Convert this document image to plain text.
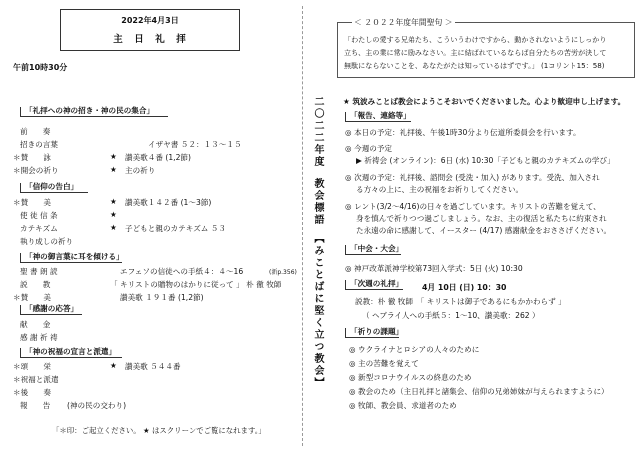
2022年4月3日
主　日　礼　拝
午前10時30分
「礼拝への神の招き・神の民の集合」
前　　奏
招きの言葉	イザヤ書 ５２：１３〜１５
＊賛　　詠	★ 讃美歌４番 (1,2節)
＊開会の祈り	★ 主の祈り
「信仰の告白」
＊賛　　美	★ 讃美歌１４２番 (1〜3節)
使 徒 信 条	★
カテキズム	★ 子どもと親のカテキズム ５３
執り成しの祈り
「神の御言葉に耳を傾ける」
聖 書 朗 読	エフェソの信徒への手紙４：４〜16	(新p.356)
説　　教	「 キリストの贈物のはかりに従って 」 朴 徹 牧師
＊賛　　美	讃美歌 １９１番 (1,2節)
「感謝の応答」
献　　金
感 謝 祈 祷
「神の祝福の宣言と派遣」
＊頌　　栄	★ 讃美歌 ５４４番
＊祝福と派遣
＊後　　奏
報　　告 (神の民の交わり)
「＊印：ご起立ください。 ★ はスクリーンでご覧になれます。」
二〇二二年度
教会標語
【みことばに堅く立つ教会】
＜ ２０２２年度年間聖句 ＞
「わたしの愛する兄弟たち、こういうわけですから、動かされないようにしっかり
立ち、主の業に常に励みなさい。主に結ばれているならば自分たちの苦労が決して
無駄にならないことを、あなたがたは知っているはずです。」 (1コリント15：58)
★ 筑波みことば教会にようこそおいでくださいました。心より歓迎申し上げます。
「報告、連絡等」
◎ 本日の予定：礼拝後、午後1時30分より伝道所委員会を行います。
◎ 今週の予定
▶ 祈祷会 (オンライン)：6日 (水) 10:30「子どもと親のカテキズムの学び」
◎ 次週の予定：礼拝後、諮問会 (受洗・加入) があります。受洗、加入され
る方々の上に、主の祝福をお祈りしてください。
◎ レント(3/2〜4/16)の日々を過ごしています。キリストの苦難を覚えて、
身を慎んで祈りつつ過ごしましょう。なお、主の復活と私たちに約束され
た永遠の命に感謝して、イースター (4/17) 感謝献金をおささげください。
「中会・大会」
◎ 神戸改革派神学校第73回入学式：5日 (火) 10:30
「次週の礼拝」 4月 10日 (日) 10：30
説教：朴 徹 牧師　「 キリストは御子であるにもかかわらず 」
（ ヘブライ人への手紙５：1〜10、讃美歌：262 ）
「祈りの課題」
◎ ウクライナとロシアの人々のために
◎ 主の苦難を覚えて
◎ 新型コロナウイルスの終息のため
◎ 教会のため（主日礼拝と諸集会、信仰の兄弟姉妹が与えられますように）
◎ 牧師、教会員、求道者のため
